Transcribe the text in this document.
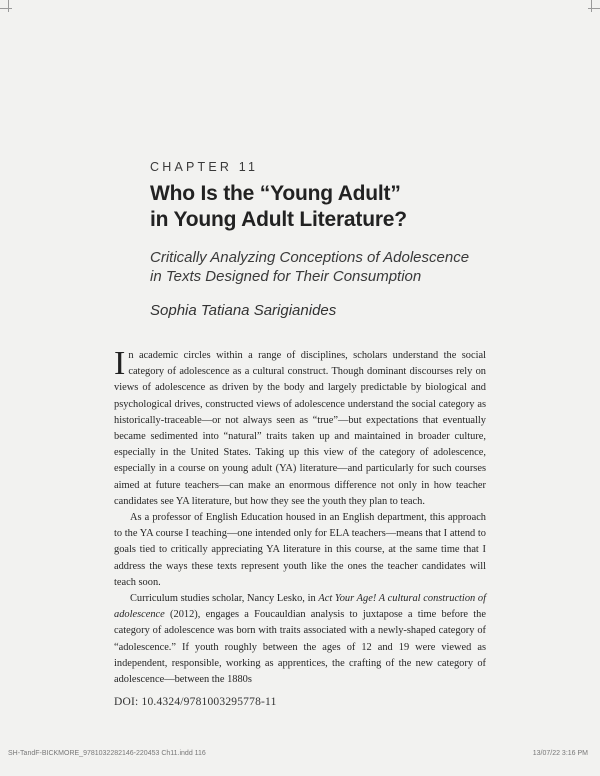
CHAPTER 11
Who Is the “Young Adult”
in Young Adult Literature?
Critically Analyzing Conceptions of Adolescence
in Texts Designed for Their Consumption
Sophia Tatiana Sarigianides

In academic circles within a range of disciplines, scholars understand the social category of adolescence as a cultural construct. Though dominant discourses rely on views of adolescence as driven by the body and largely predictable by biological and psychological drives, constructed views of adolescence understand the social category as historically-traceable—or not always seen as “true”—but expectations that eventually became sedimented into “natural” traits taken up and maintained in broader culture, especially in the United States. Taking up this view of the category of adolescence, especially in a course on young adult (YA) literature—and particularly for such courses aimed at future teachers—can make an enormous difference not only in how teacher candidates see YA literature, but how they see the youth they plan to teach.

As a professor of English Education housed in an English department, this approach to the YA course I teaching—one intended only for ELA teachers—means that I attend to goals tied to critically appreciating YA literature in this course, at the same time that I address the ways these texts represent youth like the ones the teacher candidates will teach soon.

Curriculum studies scholar, Nancy Lesko, in Act Your Age! A cultural construction of adolescence (2012), engages a Foucauldian analysis to juxtapose a time before the category of adolescence was born with traits associated with a newly-shaped category of “adolescence.” If youth roughly between the ages of 12 and 19 were viewed as independent, responsible, working as apprentices, the crafting of the new category of adolescence—between the 1880s

DOI: 10.4324/9781003295778-11
SH-TandF-BICKMORE_9781032282146-220453 Ch11.indd 116	13/07/22 3:16 PM
